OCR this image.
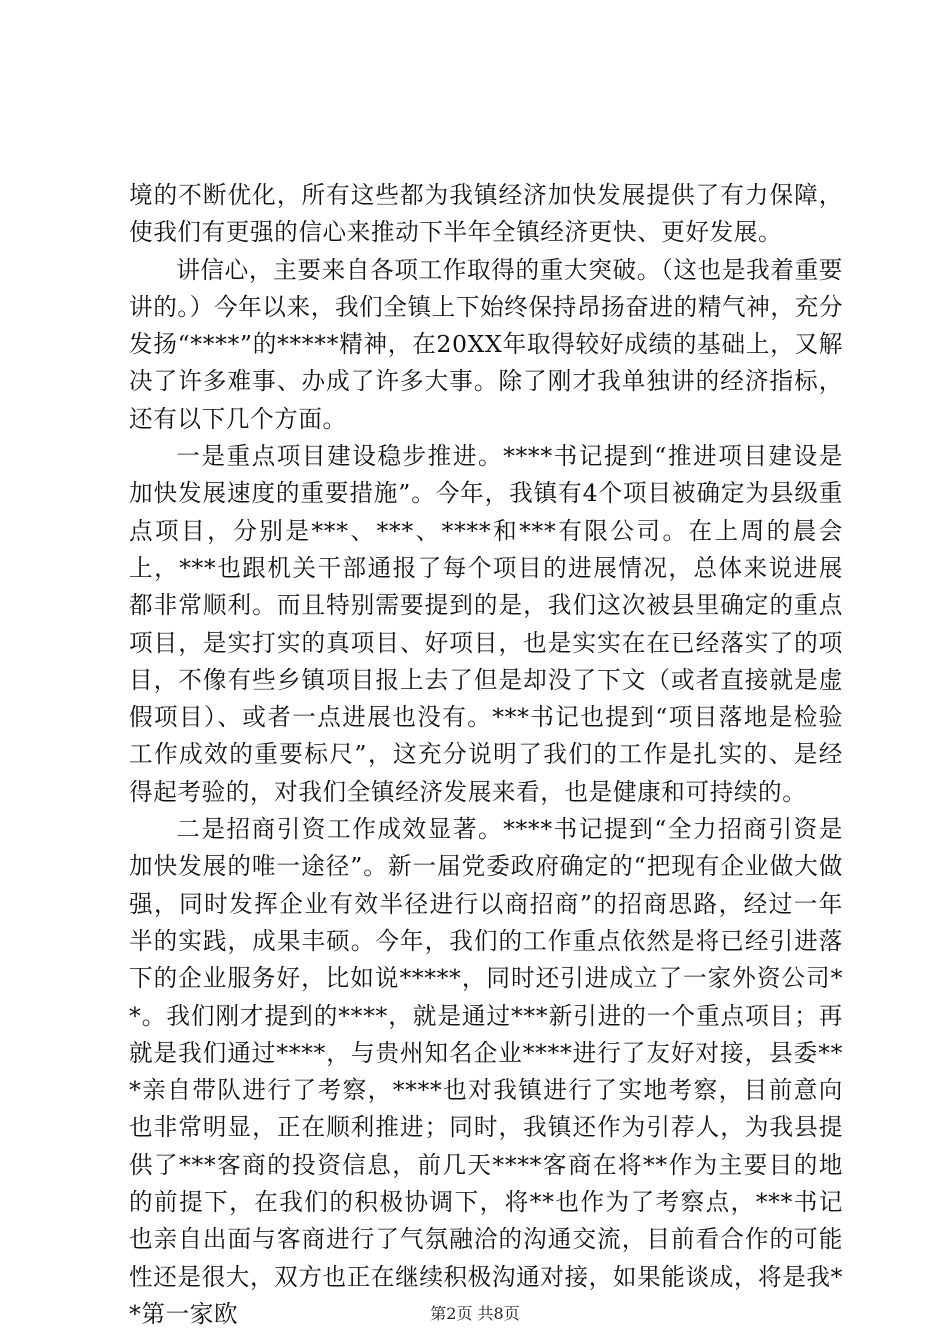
境的不断优化，所有这些都为我镇经济加快发展提供了有力保障，使我们有更强的信心来推动下半年全镇经济更快、更好发展。

讲信心，主要来自各项工作取得的重大突破。（这也是我着重要讲的。）今年以来，我们全镇上下始终保持昂扬奋进的精气神，充分发扬“****”的*****精神，在20XX年取得较好成绩的基础上，又解决了许多难事、办成了许多大事。除了刚才我单独讲的经济指标，还有以下几个方面。

一是重点项目建设稳步推进。****书记提到“推进项目建设是加快发展速度的重要措施”。今年，我镇有4个项目被确定为县级重点项目，分别是***、***、****和***有限公司。在上周的晨会上，***也跟机关干部通报了每个项目的进展情况，总体来说进展都非常顺利。而且特别需要提到的是，我们这次被县里确定的重点项目，是实打实的真项目、好项目，也是实实在在已经落实了的项目，不像有些乡镇项目报上去了但是却没了下文（或者直接就是虚假项目）、或者一点进展也没有。***书记也提到“项目落地是检验工作成效的重要标尺”，这充分说明了我们的工作是扎实的、是经得起考验的，对我们全镇经济发展来看，也是健康和可持续的。

二是招商引资工作成效显著。****书记提到“全力招商引资是加快发展的唯一途径”。新一届党委政府确定的“把现有企业做大做强，同时发挥企业有效半径进行以商招商”的招商思路，经过一年半的实践，成果丰硕。今年，我们的工作重点依然是将已经引进落下的企业服务好，比如说*****，同时还引进成立了一家外资公司**。我们刚才提到的****，就是通过***新引进的一个重点项目；再就是我们通过****，与贵州知名企业****进行了友好对接，县委***亲自带队进行了考察，****也对我镇进行了实地考察，目前意向也非常明显，正在顺利推进；同时，我镇还作为引荐人，为我县提供了***客商的投资信息，前几天****客商在将**作为主要目的地的前提下，在我们的积极协调下，将**也作为了考察点，***书记也亲自出面与客商进行了气氛融洽的沟通交流，目前看合作的可能性还是很大，双方也正在继续积极沟通对接，如果能谈成，将是我**第一家欧	第2页 共8页
